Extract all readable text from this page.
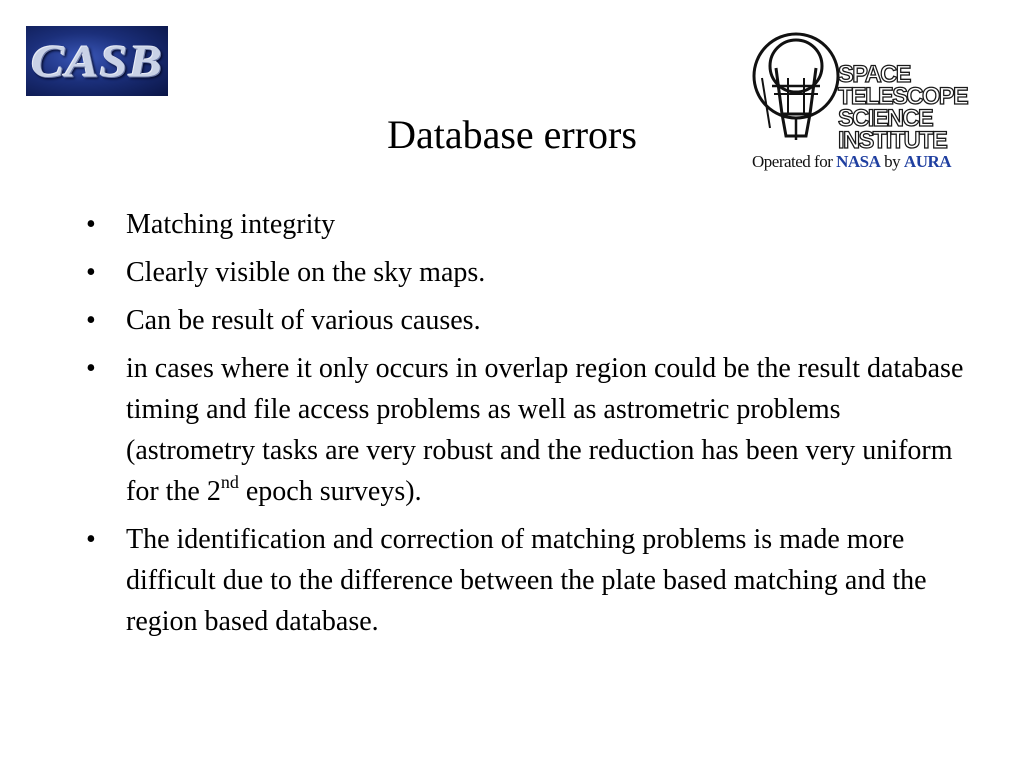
CASB
Database errors
SPACE
TELESCOPE
SCIENCE
INSTITUTE
Operated for NASA by AURA
• Matching integrity
• Clearly visible on the sky maps.
• Can be result of various causes.
• in cases where it only occurs in overlap region could be the result database timing and file access problems as well as astrometric problems (astrometry tasks are very robust and the reduction has been very uniform for the 2nd epoch surveys).
• The identification and correction of matching problems is made more difficult due to the difference between the plate based matching and the region based database.
